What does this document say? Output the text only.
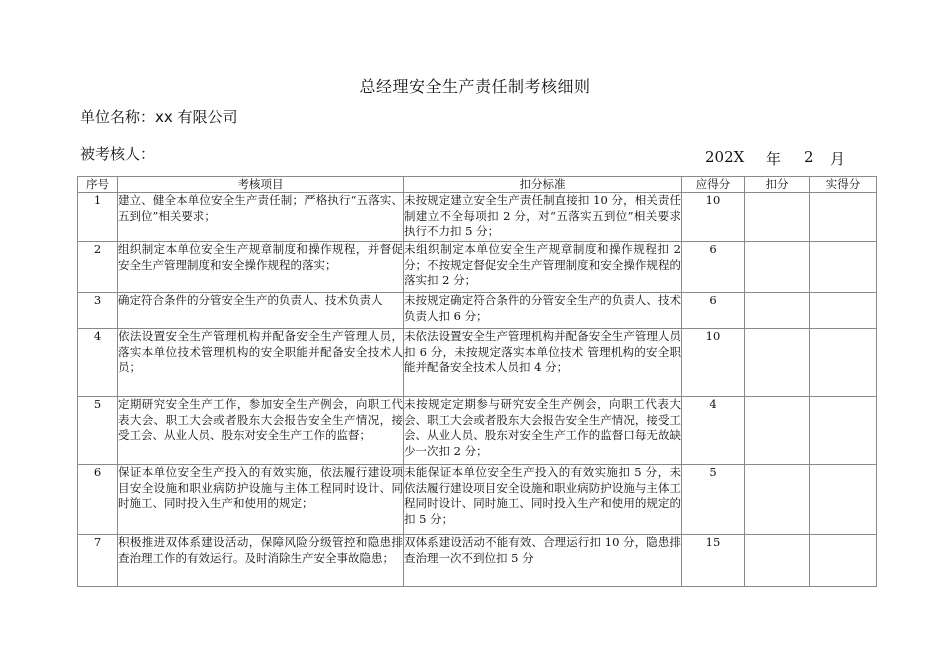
总经理安全生产责任制考核细则
单位名称：xx 有限公司
被考核人：	202X 年 2 月
序号	考核项目	扣分标准	应得分	扣分	实得分
1	建立、健全本单位安全生产责任制；严格执行“五落实、五到位”相关要求；	未按规定建立安全生产责任制直接扣 10 分，相关责任制建立不全每项扣 2 分，对“五落实五到位”相关要求执行不力扣 5 分；	10		
2	组织制定本单位安全生产规章制度和操作规程，并督促安全生产管理制度和安全操作规程的落实；	未组织制定本单位安全生产规章制度和操作规程扣 2 分；不按规定督促安全生产管理制度和安全操作规程的落实扣 2 分；	6		
3	确定符合条件的分管安全生产的负责人、技术负责人	未按规定确定符合条件的分管安全生产的负责人、技术负责人扣 6 分；	6		
4	依法设置安全生产管理机构并配备安全生产管理人员，落实本单位技术管理机构的安全职能并配备安全技术人员；	未依法设置安全生产管理机构并配备安全生产管理人员扣 6 分，未按规定落实本单位技术 管理机构的安全职能并配备安全技术人员扣 4 分；	10		
5	定期研究安全生产工作，参加安全生产例会，向职工代表大会、职工大会或者股东大会报告安全生产情况，接受工会、从业人员、股东对安全生产工作的监督；	未按规定定期参与研究安全生产例会，向职工代表大会、职工大会或者股东大会报告安全生产情况，接受工会、从业人员、股东对安全生产工作的监督口每无故缺少一次扣 2 分；	4		
6	保证本单位安全生产投入的有效实施，依法履行建设项目安全设施和职业病防护设施与主体工程同时设计、同时施工、同时投入生产和使用的规定；	未能保证本单位安全生产投入的有效实施扣 5 分，未依法履行建设项目安全设施和职业病防护设施与主体工程同时设计、同时施工、同时投入生产和使用的规定的扣 5 分；	5		
7	积极推进双体系建设活动，保障风险分级管控和隐患排查治理工作的有效运行。及时消除生产安全事故隐患；	双体系建设活动不能有效、合理运行扣 10 分，隐患排查治理一次不到位扣 5 分	15		
